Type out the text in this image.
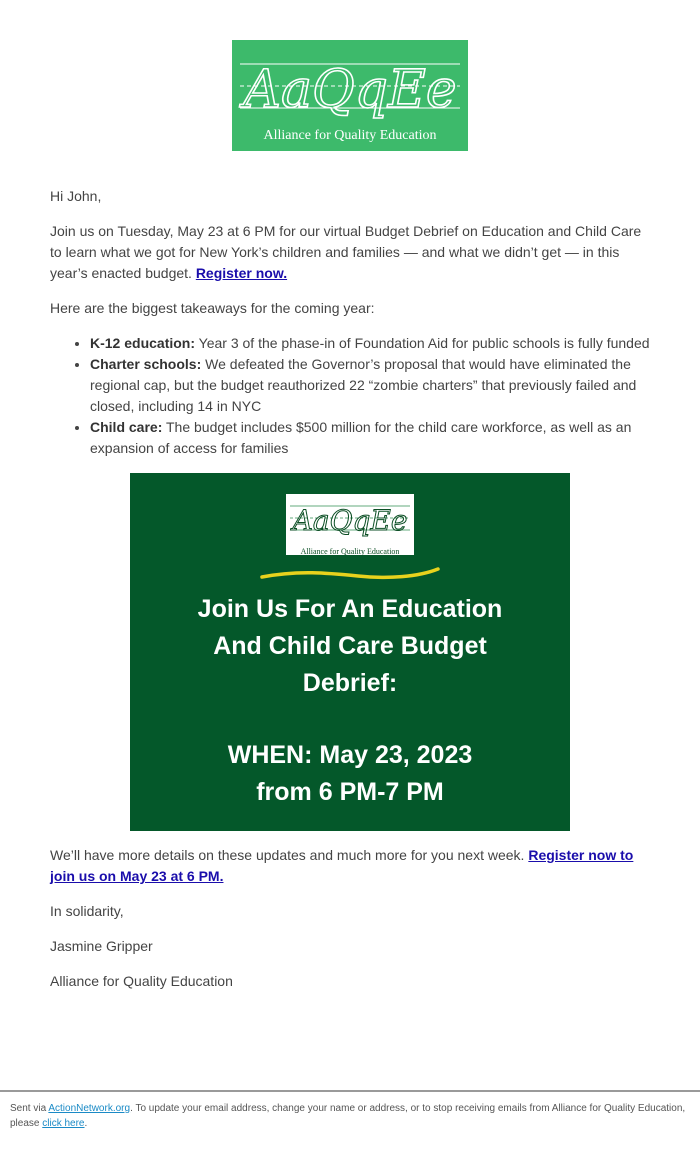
AaQqEe
Alliance for Quality Education

Hi John,

Join us on Tuesday, May 23 at 6 PM for our virtual Budget Debrief on Education and Child Care to learn what we got for New York’s children and families — and what we didn’t get — in this year’s enacted budget. Register now.

Here are the biggest takeaways for the coming year:

• K-12 education: Year 3 of the phase-in of Foundation Aid for public schools is fully funded
• Charter schools: We defeated the Governor’s proposal that would have eliminated the regional cap, but the budget reauthorized 22 “zombie charters” that previously failed and closed, including 14 in NYC
• Child care: The budget includes $500 million for the child care workforce, as well as an expansion of access for families
AaQqEe
Alliance for Quality Education
Join Us For An Education
And Child Care Budget
Debrief:
WHEN: May 23, 2023
from 6 PM-7 PM

We’ll have more details on these updates and much more for you next week. Register now to join us on May 23 at 6 PM.

In solidarity,

Jasmine Gripper

Alliance for Quality Education

Sent via ActionNetwork.org. To update your email address, change your name or address, or to stop receiving emails from Alliance for Quality Education, please click here.
